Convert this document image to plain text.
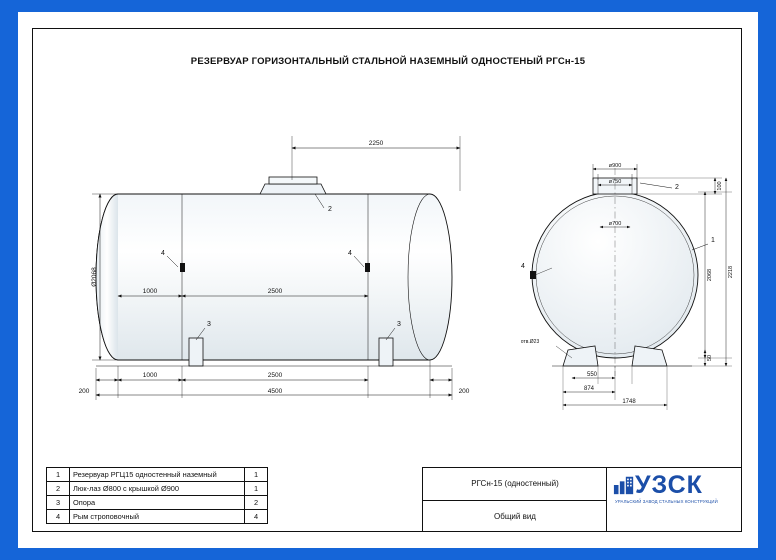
РЕЗЕРВУАР ГОРИЗОНТАЛЬНЫЙ СТАЛЬНОЙ НАЗЕМНЫЙ ОДНОСТЕНЫЙ РГСн-15
2250
Ø2068
1000	2500
1000	2500
4500
200	200
2
4	4
3	3
ø900
ø750
ø700
100
2068	2218
50
550
874
1748
отв.Ø23
1
2
4
1	Резервуар РГЦ15 одностенный наземный	1
2	Люк-лаз Ø800 с крышкой Ø900	1
3	Опора	2
4	Рым строповочный	4
РГСн-15 (одностенный)
Общий вид
УЗСК
УРАЛЬСКИЙ ЗАВОД СТАЛЬНЫХ КОНСТРУКЦИЙ
